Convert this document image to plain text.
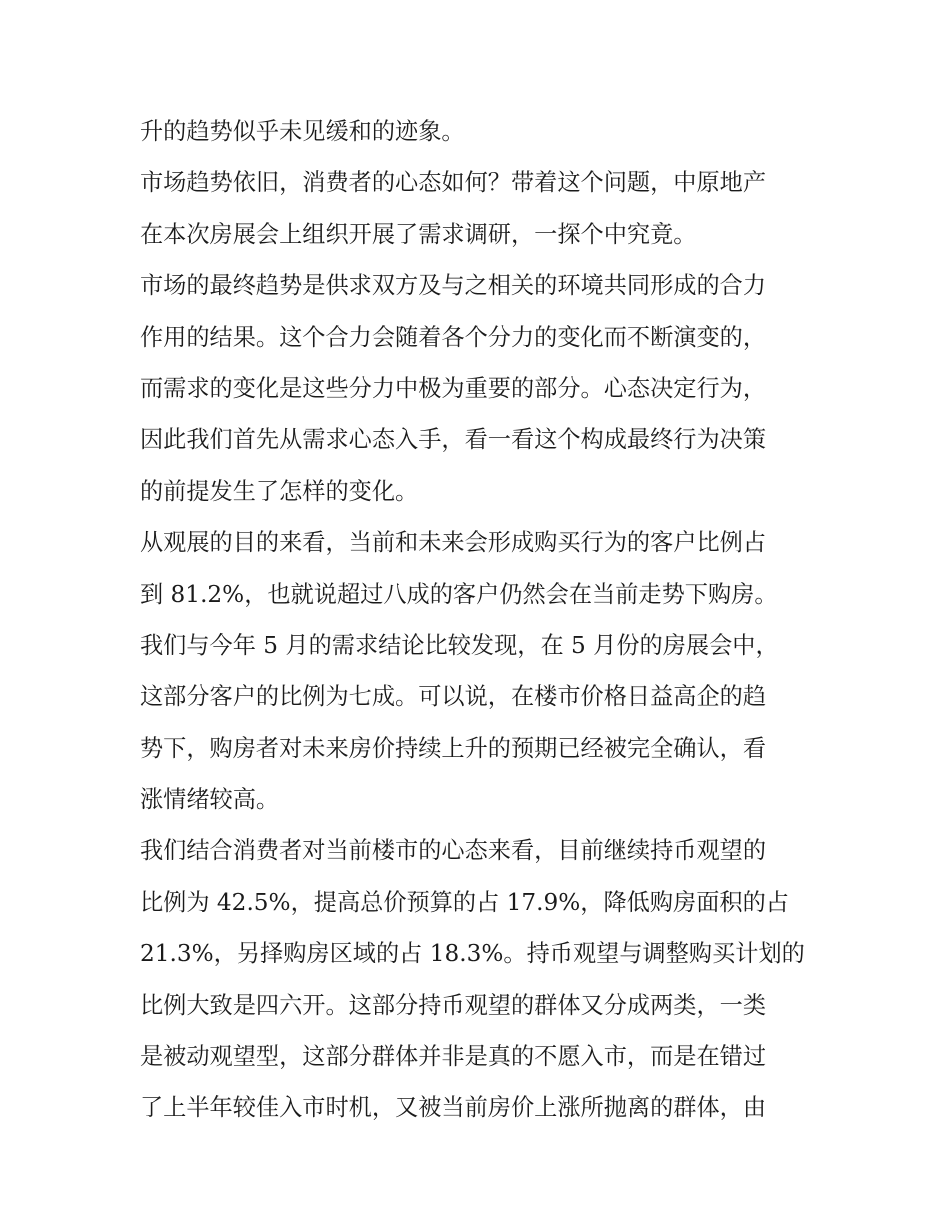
升的趋势似乎未见缓和的迹象。
市场趋势依旧，消费者的心态如何？带着这个问题，中原地产
在本次房展会上组织开展了需求调研，一探个中究竟。
市场的最终趋势是供求双方及与之相关的环境共同形成的合力
作用的结果。这个合力会随着各个分力的变化而不断演变的，
而需求的变化是这些分力中极为重要的部分。心态决定行为，
因此我们首先从需求心态入手，看一看这个构成最终行为决策
的前提发生了怎样的变化。
从观展的目的来看，当前和未来会形成购买行为的客户比例占
到 81.2%，也就说超过八成的客户仍然会在当前走势下购房。
我们与今年 5 月的需求结论比较发现，在 5 月份的房展会中，
这部分客户的比例为七成。可以说，在楼市价格日益高企的趋
势下，购房者对未来房价持续上升的预期已经被完全确认，看
涨情绪较高。
我们结合消费者对当前楼市的心态来看，目前继续持币观望的
比例为 42.5%，提高总价预算的占 17.9%，降低购房面积的占
21.3%，另择购房区域的占 18.3%。持币观望与调整购买计划的
比例大致是四六开。这部分持币观望的群体又分成两类，一类
是被动观望型，这部分群体并非是真的不愿入市，而是在错过
了上半年较佳入市时机，又被当前房价上涨所抛离的群体，由
